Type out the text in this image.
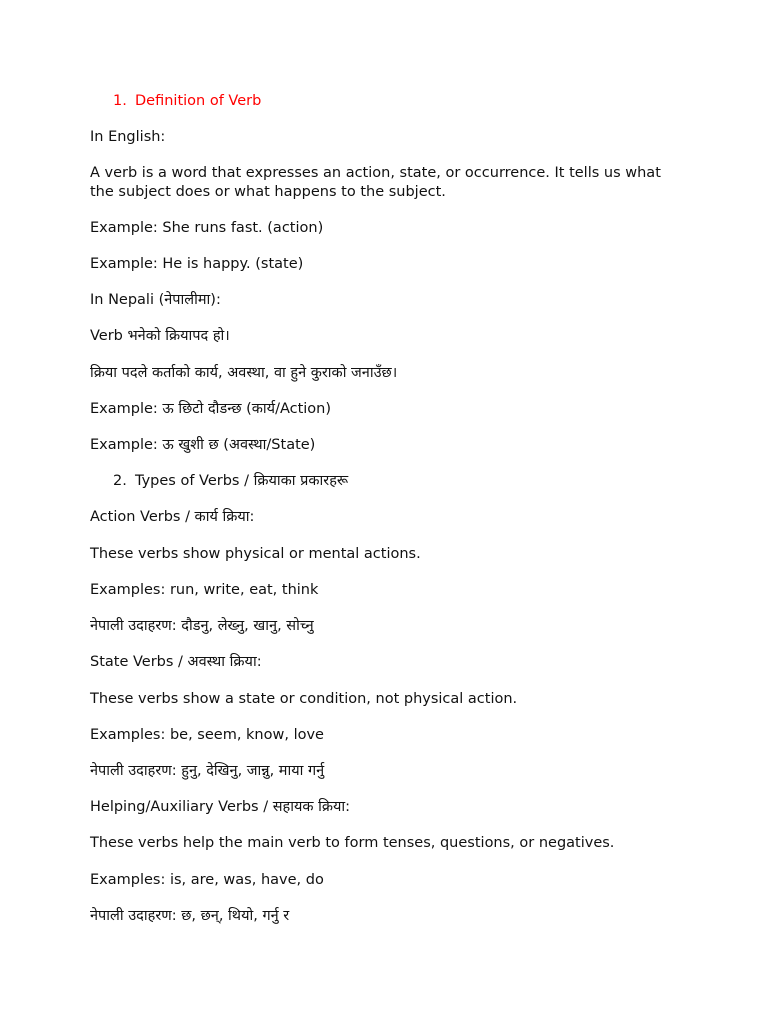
1. Definition of Verb
In English:
A verb is a word that expresses an action, state, or occurrence. It tells us what the subject does or what happens to the subject.
Example: She runs fast. (action)
Example: He is happy. (state)
In Nepali (नेपालीमा):
Verb भनेको क्रियापद हो।
क्रिया पदले कर्ताको कार्य, अवस्था, वा हुने कुराको जनाउँछ।
Example: ऊ छिटो दौडन्छ (कार्य/Action)
Example: ऊ खुशी छ (अवस्था/State)
2. Types of Verbs / क्रियाका प्रकारहरू
Action Verbs / कार्य क्रिया:
These verbs show physical or mental actions.
Examples: run, write, eat, think
नेपाली उदाहरण: दौडनु, लेख्नु, खानु, सोच्नु
State Verbs / अवस्था क्रिया:
These verbs show a state or condition, not physical action.
Examples: be, seem, know, love
नेपाली उदाहरण: हुनु, देखिनु, जान्नु, माया गर्नु
Helping/Auxiliary Verbs / सहायक क्रिया:
These verbs help the main verb to form tenses, questions, or negatives.
Examples: is, are, was, have, do
नेपाली उदाहरण: छ, छन्, थियो, गर्नु र
